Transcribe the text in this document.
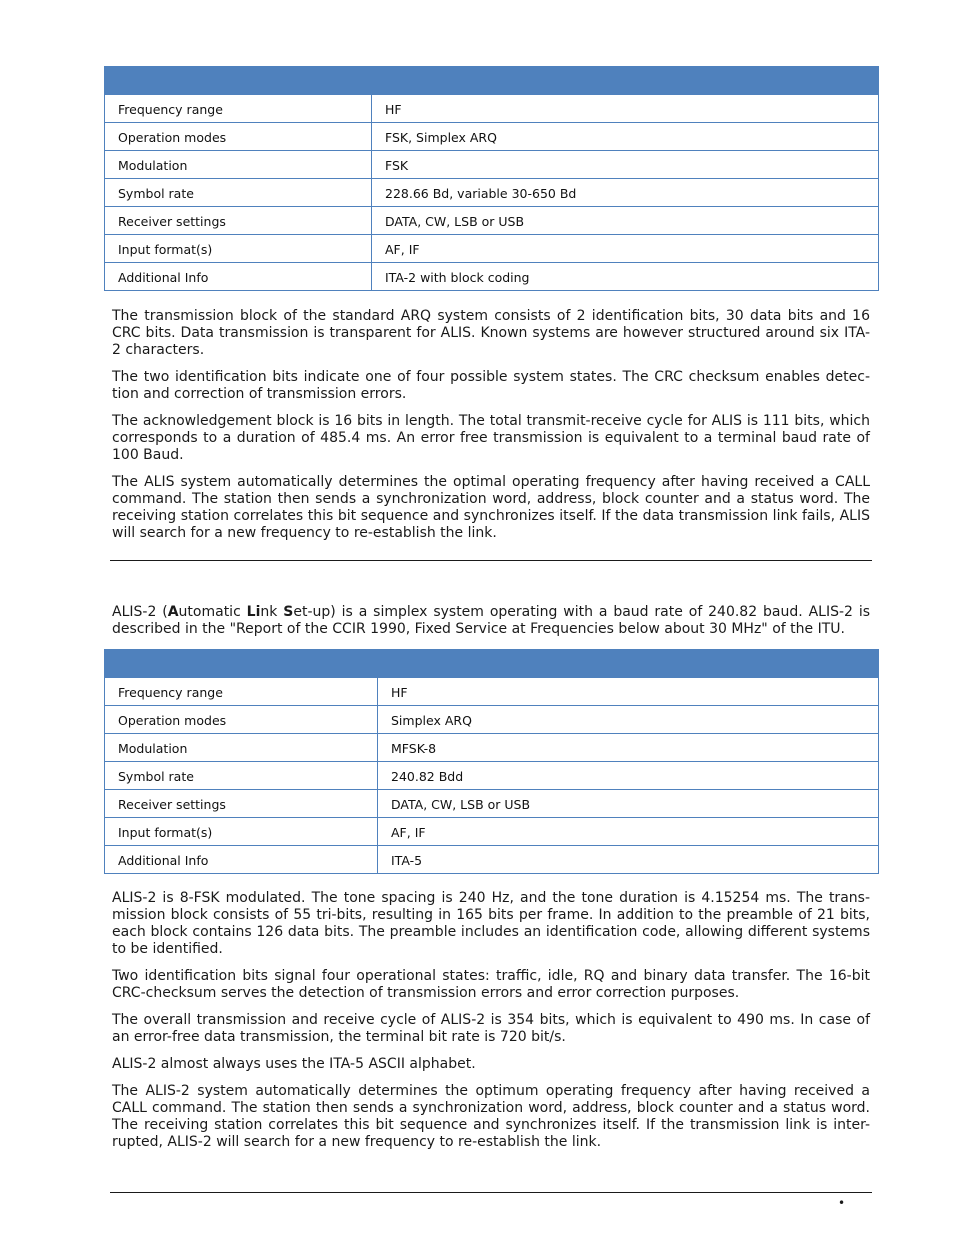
Frequency range	HF
Operation modes	FSK, Simplex ARQ
Modulation	FSK
Symbol rate	228.66 Bd, variable 30-650 Bd
Receiver settings	DATA, CW, LSB or USB
Input format(s)	AF, IF
Additional Info	ITA-2 with block coding

The transmission block of the standard ARQ system consists of 2 identification bits, 30 data bits and 16 CRC bits. Data transmission is transparent for ALIS. Known systems are however structured around six ITA-2 characters.

The two identification bits indicate one of four possible system states. The CRC checksum enables detec-tion and correction of transmission errors.

The acknowledgement block is 16 bits in length. The total transmit-receive cycle for ALIS is 111 bits, which corresponds to a duration of 485.4 ms. An error free transmission is equivalent to a terminal baud rate of 100 Baud.

The ALIS system automatically determines the optimal operating frequency after having received a CALL command. The station then sends a synchronization word, address, block counter and a status word. The receiving station correlates this bit sequence and synchronizes itself. If the data transmission link fails, ALIS will search for a new frequency to re-establish the link.

ALIS-2 (Automatic Link Set-up) is a simplex system operating with a baud rate of 240.82 baud. ALIS-2 is described in the "Report of the CCIR 1990, Fixed Service at Frequencies below about 30 MHz" of the ITU.

Frequency range	HF
Operation modes	Simplex ARQ
Modulation	MFSK-8
Symbol rate	240.82 Bdd
Receiver settings	DATA, CW, LSB or USB
Input format(s)	AF, IF
Additional Info	ITA-5

ALIS-2 is 8-FSK modulated. The tone spacing is 240 Hz, and the tone duration is 4.15254 ms. The trans-mission block consists of 55 tri-bits, resulting in 165 bits per frame. In addition to the preamble of 21 bits, each block contains 126 data bits. The preamble includes an identification code, allowing different systems to be identified.

Two identification bits signal four operational states: traffic, idle, RQ and binary data transfer. The 16-bit CRC-checksum serves the detection of transmission errors and error correction purposes.

The overall transmission and receive cycle of ALIS-2 is 354 bits, which is equivalent to 490 ms. In case of an error-free data transmission, the terminal bit rate is 720 bit/s.

ALIS-2 almost always uses the ITA-5 ASCII alphabet.

The ALIS-2 system automatically determines the optimum operating frequency after having received a CALL command. The station then sends a synchronization word, address, block counter and a status word. The receiving station correlates this bit sequence and synchronizes itself. If the transmission link is inter-rupted, ALIS-2 will search for a new frequency to re-establish the link.

•
